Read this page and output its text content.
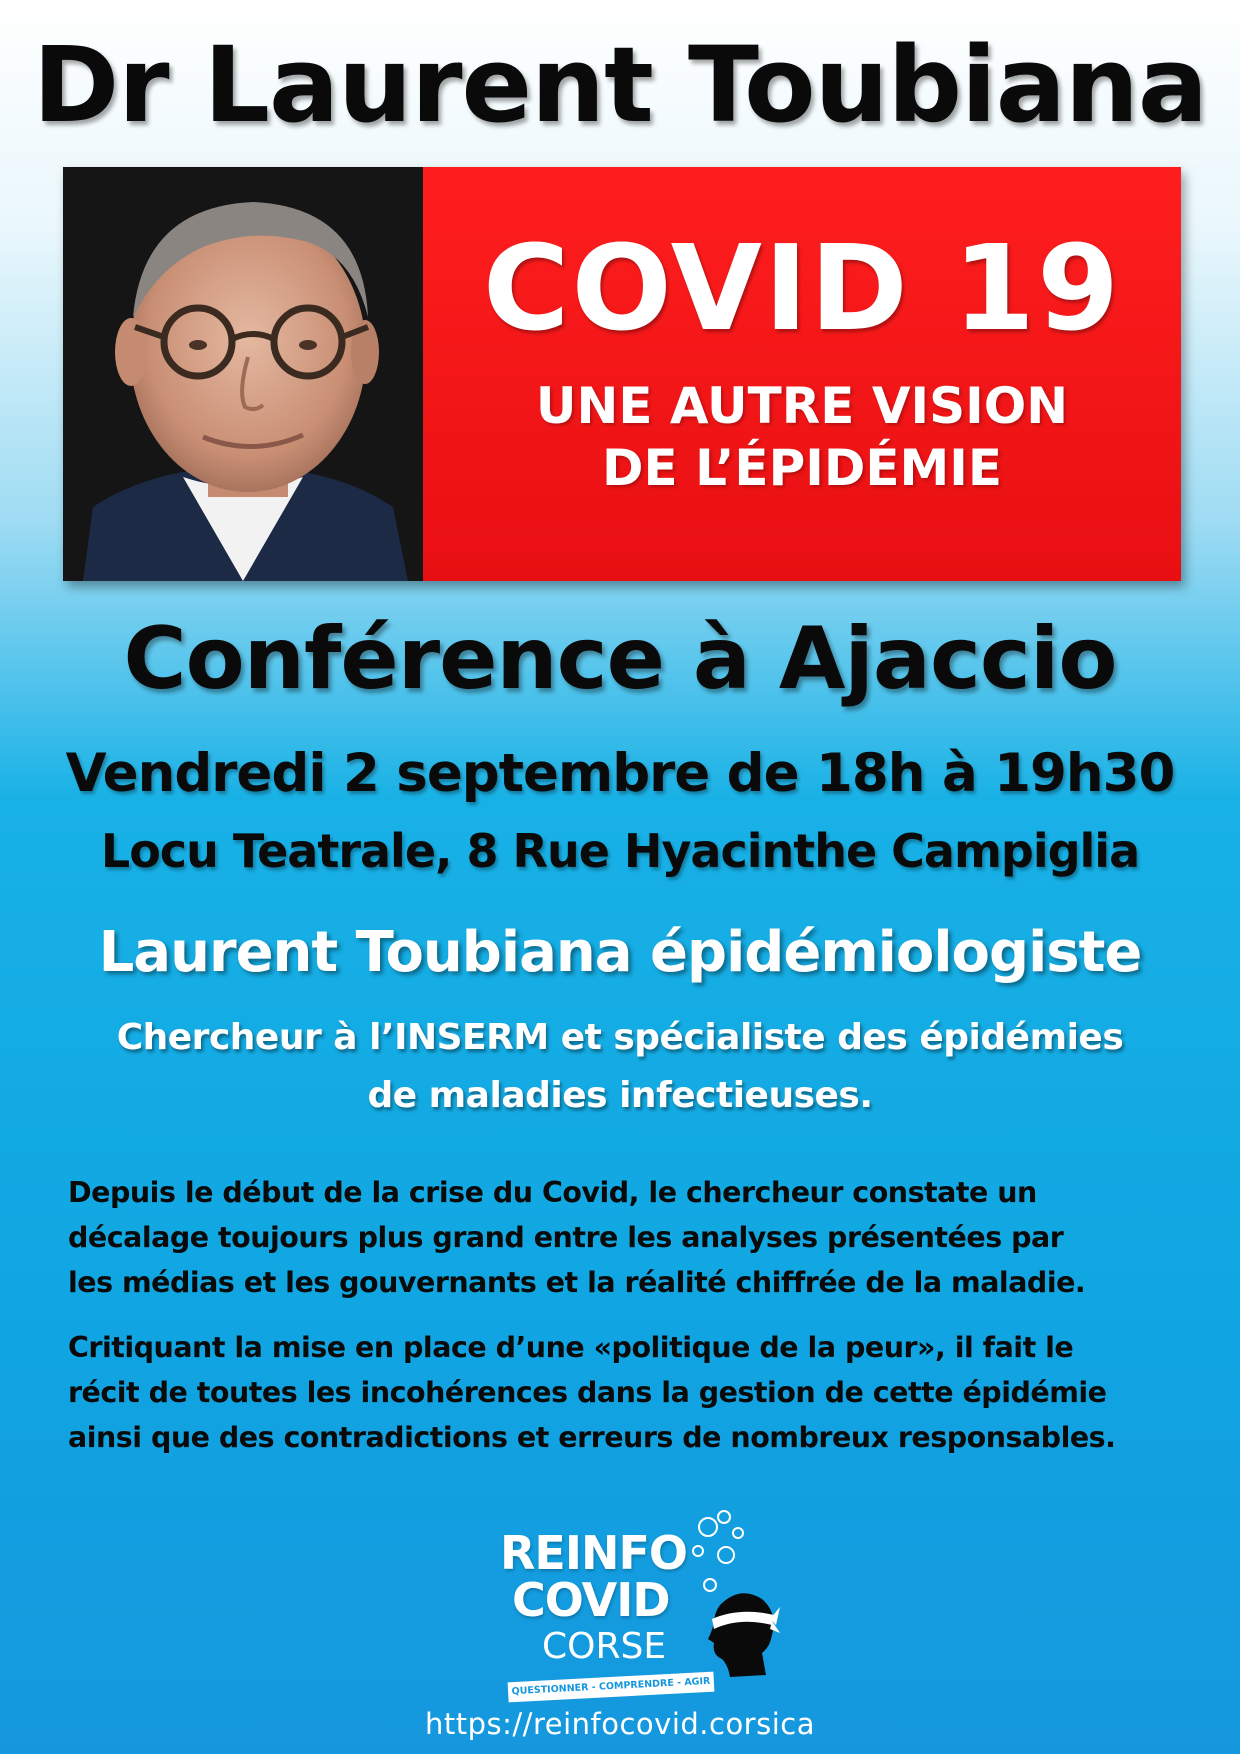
Dr Laurent Toubiana
COVID 19
UNE AUTRE VISION
DE L’ÉPIDÉMIE
Conférence à Ajaccio
Vendredi 2 septembre de 18h à 19h30
Locu Teatrale, 8 Rue Hyacinthe Campiglia
Laurent Toubiana épidémiologiste
Chercheur à l’INSERM et spécialiste des épidémies
de maladies infectieuses.
Depuis le début de la crise du Covid, le chercheur constate un
décalage toujours plus grand entre les analyses présentées par
les médias et les gouvernants et la réalité chiffrée de la maladie.
Critiquant la mise en place d’une «politique de la peur», il fait le
récit de toutes les incohérences dans la gestion de cette épidémie
ainsi que des contradictions et erreurs de nombreux responsables.
REINFO
COVID
CORSE
QUESTIONNER - COMPRENDRE - AGIR
https://reinfocovid.corsica
